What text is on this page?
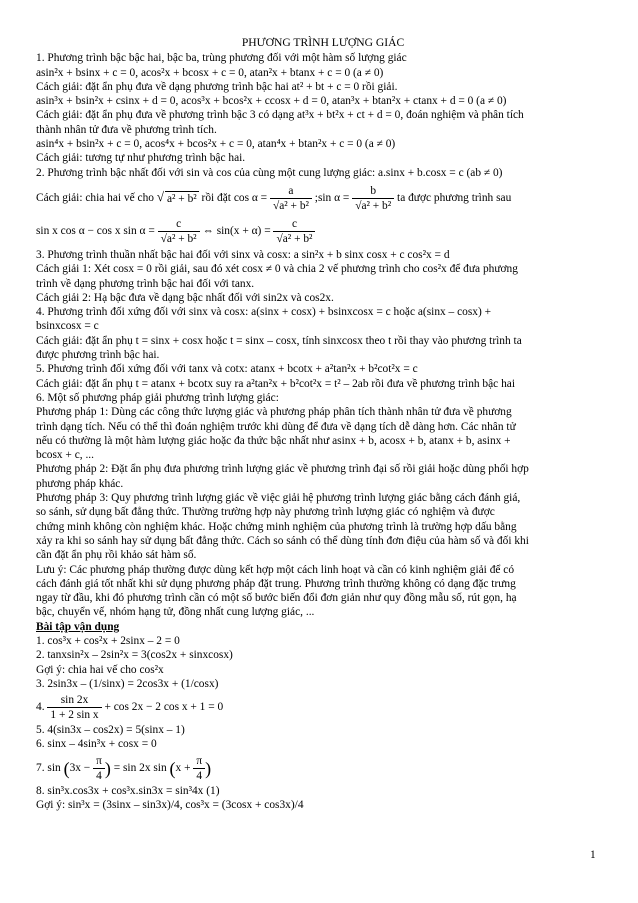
PHƯƠNG TRÌNH LƯỢNG GIÁC
1. Phương trình bậc bậc hai, bậc ba, trùng phương đối với một hàm số lượng giác
asin²x + bsinx + c = 0, acos²x + bcosx + c = 0, atan²x + btanx + c = 0 (a ≠ 0)
Cách giải: đặt ẩn phụ đưa về dạng phương trình bậc hai at² + bt + c = 0 rồi giải.
asin³x + bsin²x + csinx + d = 0, acos³x + bcos²x + ccosx + d = 0, atan³x + btan²x + ctanx + d = 0 (a ≠ 0)
Cách giải: đặt ẩn phụ đưa về phương trình bậc 3 có dạng at³x + bt²x + ct + d = 0, đoán nghiệm và phân tích
thành nhân tử đưa về phương trình tích.
asin⁴x + bsin²x + c = 0, acos⁴x + bcos²x + c = 0, atan⁴x + btan²x + c = 0 (a ≠ 0)
Cách giải: tương tự như phương trình bậc hai.
2. Phương trình bậc nhất đối với sin và cos của cùng một cung lượng giác: a.sinx + b.cosx = c (ab ≠ 0)
Cách giải: chia hai vế cho √ a² + b² rồi đặt $\cos \alpha = \frac{a}{\text{√a² + b²}}$ ;sin $\alpha = \frac{b}{\text{√a² + b²}}$ ta được phương trình sau
sin x cos α − cos x $\sin \alpha = \frac{c}{\text{√a² + b²}}$ ⇔ $\sin(x + \alpha) = \frac{c}{\text{√a² + b²}}$
3. Phương trình thuần nhất bậc hai đối với sinx và cosx: a sin²x + b sinx cosx + c cos²x = d
Cách giải 1: Xét cosx = 0 rồi giải, sau đó xét cosx ≠ 0 và chia 2 vế phương trình cho cos²x để đưa phương
trình về dạng phương trình bậc hai đối với tanx.
Cách giải 2: Hạ bậc đưa về dạng bậc nhất đối với sin2x và cos2x.
4. Phương trình đối xứng đối với sinx và cosx: a(sinx + cosx) + bsinxcosx = c hoặc a(sinx – cosx) +
bsinxcosx = c
Cách giải: đặt ẩn phụ t = sinx + cosx hoặc t = sinx – cosx, tính sinxcosx theo t rồi thay vào phương trình ta
được phương trình bậc hai.
5. Phương trình đối xứng đối với tanx và cotx: atanx + bcotx + a²tan²x + b²cot²x = c
Cách giải: đặt ẩn phụ t = atanx + bcotx suy ra a²tan²x + b²cot²x = t² – 2ab rồi đưa về phương trình bậc hai
6. Một số phương pháp giải phương trình lượng giác:
Phương pháp 1: Dùng các công thức lượng giác và phương pháp phân tích thành nhân tử đưa về phương
trình dạng tích. Nếu có thể thì đoán nghiệm trước khi dùng để đưa về dạng tích dễ dàng hơn. Các nhân tử
nếu có thường là một hàm lượng giác hoặc đa thức bậc nhất như asinx + b, acosx + b, atanx + b, asinx +
bcosx + c, ...
Phương pháp 2: Đặt ẩn phụ đưa phương trình lượng giác về phương trình đại số rồi giải hoặc dùng phối hợp
phương pháp khác.
Phương pháp 3: Quy phương trình lượng giác về việc giải hệ phương trình lượng giác bằng cách đánh giá,
so sánh, sử dụng bất đẳng thức. Thường trường hợp này phương trình lượng giác có nghiệm và được
chứng minh không còn nghiệm khác. Hoặc chứng minh nghiệm của phương trình là trường hợp dấu bằng
xảy ra khi so sánh hay sử dụng bất đẳng thức. Cách so sánh có thể dùng tính đơn điệu của hàm số và đối khi
cần đặt ẩn phụ rồi khảo sát hàm số.
Lưu ý: Các phương pháp thường được dùng kết hợp một cách linh hoạt và cần có kinh nghiệm giải để có
cách đánh giá tốt nhất khi sử dụng phương pháp đặt trung. Phương trình thường không có dạng đặc trưng
ngay từ đầu, khi đó phương trình cần có một số bước biến đổi đơn giản như quy đồng mẫu số, rút gọn, hạ
bậc, chuyển vế, nhóm hạng tử, đồng nhất cung lượng giác, ...
Bài tập vận dụng
1. cos³x + cos²x + 2sinx – 2 = 0
2. tanxsin²x – 2sin²x = 3(cos2x + sinxcosx)
Gợi ý: chia hai vế cho cos²x
3. 2sin3x – (1/sinx) = 2cos3x + (1/cosx)
4. $\frac{\sin 2x}{\text{1 + 2 sin x}} + \cos 2x - 2$ cos x + 1 = 0
5. 4(sin3x – cos2x) = 5(sinx – 1)
6. sinx – 4sin³x + cosx = 0
7. $\sin (3x - \frac{\pi}{4}$ ) = sin 2x $\sin (x + \frac{\pi}{4}$ )
8. sin³x.cos3x + cos³x.sin3x = sin³4x (1)
Gợi ý: sin³x = (3sinx – sin3x)/4, cos³x = (3cosx + cos3x)/4
1
